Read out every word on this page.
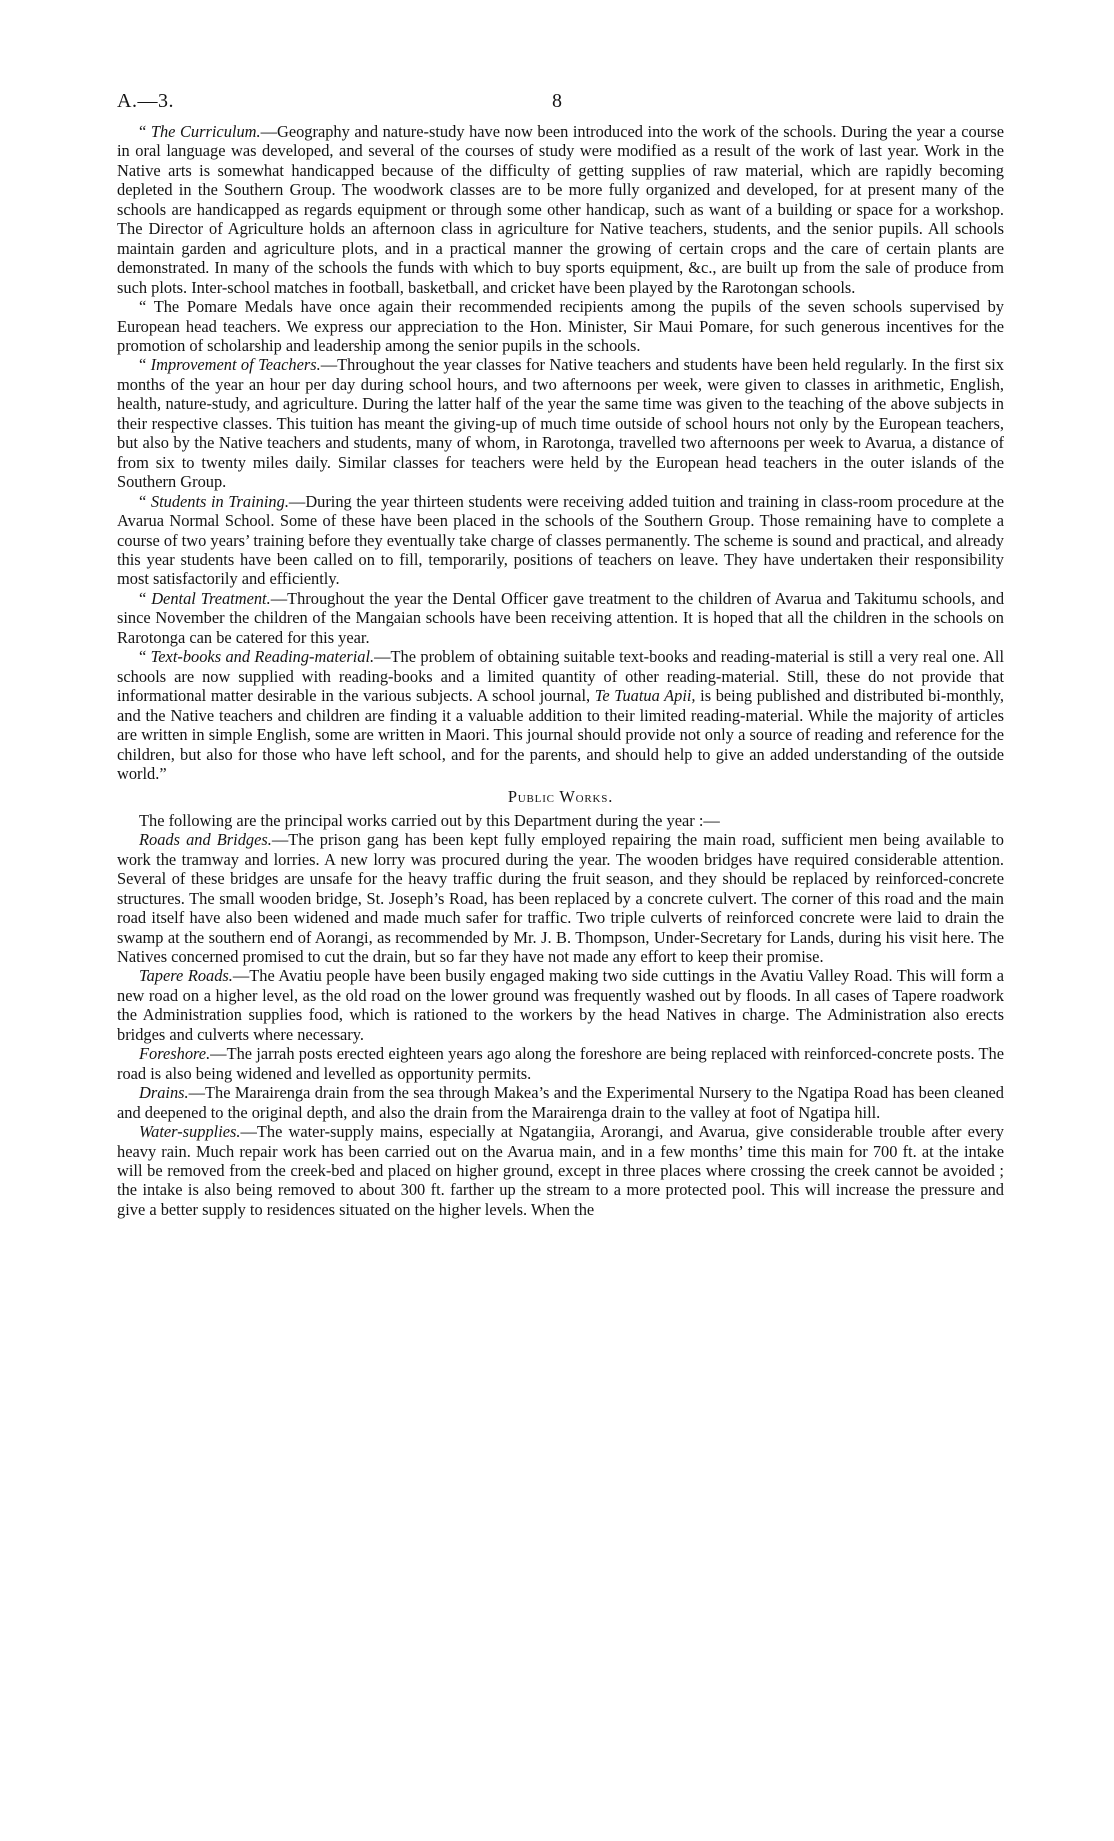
A.—3.	8

“ The Curriculum.—Geography and nature-study have now been introduced into the work of the schools. During the year a course in oral language was developed, and several of the courses of study were modified as a result of the work of last year. Work in the Native arts is somewhat handicapped because of the difficulty of getting supplies of raw material, which are rapidly becoming depleted in the Southern Group. The woodwork classes are to be more fully organized and developed, for at present many of the schools are handicapped as regards equipment or through some other handicap, such as want of a building or space for a workshop. The Director of Agriculture holds an afternoon class in agriculture for Native teachers, students, and the senior pupils. All schools maintain garden and agriculture plots, and in a practical manner the growing of certain crops and the care of certain plants are demonstrated. In many of the schools the funds with which to buy sports equipment, &c., are built up from the sale of produce from such plots. Inter-school matches in football, basketball, and cricket have been played by the Rarotongan schools.

“ The Pomare Medals have once again their recommended recipients among the pupils of the seven schools supervised by European head teachers. We express our appreciation to the Hon. Minister, Sir Maui Pomare, for such generous incentives for the promotion of scholarship and leadership among the senior pupils in the schools.

“ Improvement of Teachers.—Throughout the year classes for Native teachers and students have been held regularly. In the first six months of the year an hour per day during school hours, and two afternoons per week, were given to classes in arithmetic, English, health, nature-study, and agriculture. During the latter half of the year the same time was given to the teaching of the above subjects in their respective classes. This tuition has meant the giving-up of much time outside of school hours not only by the European teachers, but also by the Native teachers and students, many of whom, in Rarotonga, travelled two afternoons per week to Avarua, a distance of from six to twenty miles daily. Similar classes for teachers were held by the European head teachers in the outer islands of the Southern Group.

“ Students in Training.—During the year thirteen students were receiving added tuition and training in class-room procedure at the Avarua Normal School. Some of these have been placed in the schools of the Southern Group. Those remaining have to complete a course of two years’ training before they eventually take charge of classes permanently. The scheme is sound and practical, and already this year students have been called on to fill, temporarily, positions of teachers on leave. They have undertaken their responsibility most satisfactorily and efficiently.

“ Dental Treatment.—Throughout the year the Dental Officer gave treatment to the children of Avarua and Takitumu schools, and since November the children of the Mangaian schools have been receiving attention. It is hoped that all the children in the schools on Rarotonga can be catered for this year.

“ Text-books and Reading-material.—The problem of obtaining suitable text-books and reading-material is still a very real one. All schools are now supplied with reading-books and a limited quantity of other reading-material. Still, these do not provide that informational matter desirable in the various subjects. A school journal, Te Tuatua Apii, is being published and distributed bi-monthly, and the Native teachers and children are finding it a valuable addition to their limited reading-material. While the majority of articles are written in simple English, some are written in Maori. This journal should provide not only a source of reading and reference for the children, but also for those who have left school, and for the parents, and should help to give an added understanding of the outside world.”

Public Works.

The following are the principal works carried out by this Department during the year :—

Roads and Bridges.—The prison gang has been kept fully employed repairing the main road, sufficient men being available to work the tramway and lorries. A new lorry was procured during the year. The wooden bridges have required considerable attention. Several of these bridges are unsafe for the heavy traffic during the fruit season, and they should be replaced by reinforced-concrete structures. The small wooden bridge, St. Joseph’s Road, has been replaced by a concrete culvert. The corner of this road and the main road itself have also been widened and made much safer for traffic. Two triple culverts of reinforced concrete were laid to drain the swamp at the southern end of Aorangi, as recommended by Mr. J. B. Thompson, Under-Secretary for Lands, during his visit here. The Natives concerned promised to cut the drain, but so far they have not made any effort to keep their promise.

Tapere Roads.—The Avatiu people have been busily engaged making two side cuttings in the Avatiu Valley Road. This will form a new road on a higher level, as the old road on the lower ground was frequently washed out by floods. In all cases of Tapere roadwork the Administration supplies food, which is rationed to the workers by the head Natives in charge. The Administration also erects bridges and culverts where necessary.

Foreshore.—The jarrah posts erected eighteen years ago along the foreshore are being replaced with reinforced-concrete posts. The road is also being widened and levelled as opportunity permits.

Drains.—The Marairenga drain from the sea through Makea’s and the Experimental Nursery to the Ngatipa Road has been cleaned and deepened to the original depth, and also the drain from the Marairenga drain to the valley at foot of Ngatipa hill.

Water-supplies.—The water-supply mains, especially at Ngatangiia, Arorangi, and Avarua, give considerable trouble after every heavy rain. Much repair work has been carried out on the Avarua main, and in a few months’ time this main for 700 ft. at the intake will be removed from the creek-bed and placed on higher ground, except in three places where crossing the creek cannot be avoided ; the intake is also being removed to about 300 ft. farther up the stream to a more protected pool. This will increase the pressure and give a better supply to residences situated on the higher levels. When the
